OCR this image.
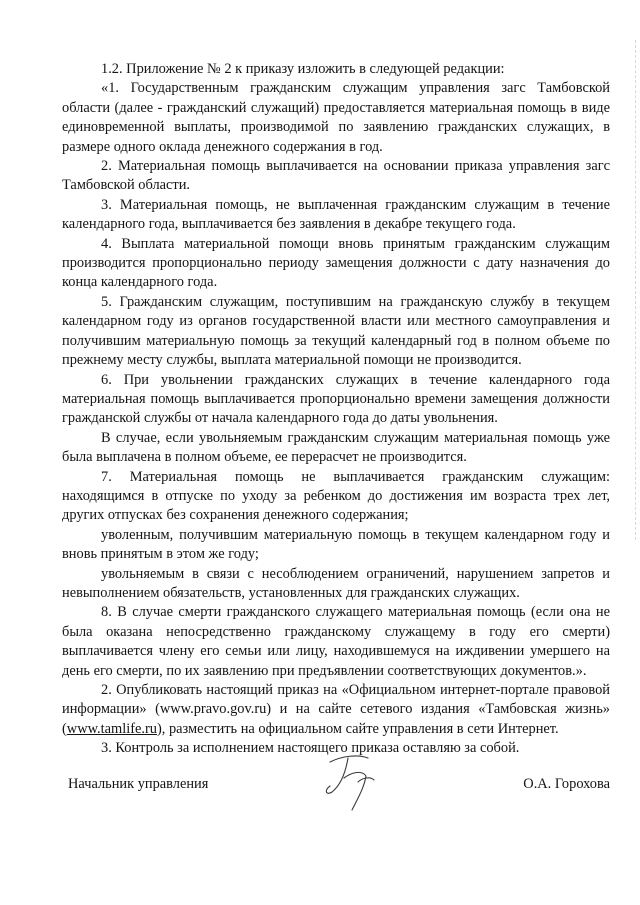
1.2. Приложение № 2 к приказу изложить в следующей редакции:

«1. Государственным гражданским служащим управления загс Тамбовской области (далее - гражданский служащий) предоставляется материальная помощь в виде единовременной выплаты, производимой по заявлению гражданских служащих, в размере одного оклада денежного содержания в год.

2. Материальная помощь выплачивается на основании приказа управления загс Тамбовской области.

3. Материальная помощь, не выплаченная гражданским служащим в течение календарного года, выплачивается без заявления в декабре текущего года.

4. Выплата материальной помощи вновь принятым гражданским служащим производится пропорционально периоду замещения должности с дату назначения до конца календарного года.

5. Гражданским служащим, поступившим на гражданскую службу в текущем календарном году из органов государственной власти или местного самоуправления и получившим материальную помощь за текущий календарный год в полном объеме по прежнему месту службы, выплата материальной помощи не производится.

6. При увольнении гражданских служащих в течение календарного года материальная помощь выплачивается пропорционально времени замещения должности гражданской службы от начала календарного года до даты увольнения.

В случае, если увольняемым гражданским служащим материальная помощь уже была выплачена в полном объеме, ее перерасчет не производится.

7. Материальная помощь не выплачивается гражданским служащим: находящимся в отпуске по уходу за ребенком до достижения им возраста трех лет, других отпусках без сохранения денежного содержания;

уволенным, получившим материальную помощь в текущем календарном году и вновь принятым в этом же году;

увольняемым в связи с несоблюдением ограничений, нарушением запретов и невыполнением обязательств, установленных для гражданских служащих.

8. В случае смерти гражданского служащего материальная помощь (если она не была оказана непосредственно гражданскому служащему в году его смерти) выплачивается члену его семьи или лицу, находившемуся на иждивении умершего на день его смерти, по их заявлению при предъявлении соответствующих документов.».

2. Опубликовать настоящий приказ на «Официальном интернет-портале правовой информации» (www.pravo.gov.ru) и на сайте сетевого издания «Тамбовская жизнь» (www.tamlife.ru), разместить на официальном сайте управления в сети Интернет.

3. Контроль за исполнением настоящего приказа оставляю за собой.

Начальник управления	О.А. Горохова
